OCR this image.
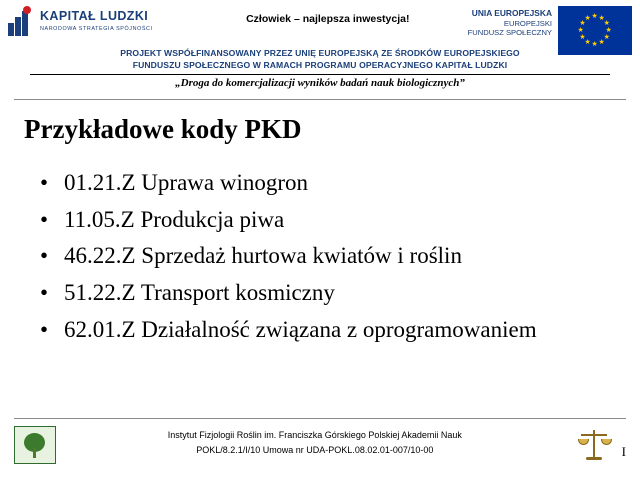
KAPITAŁ LUDZKI
NARODOWA STRATEGIA SPÓJNOŚCI
Człowiek – najlepsza inwestycja!	UNIA EUROPEJSKA
EUROPEJSKI
FUNDUSZ SPOŁECZNY
★ ★
★
★
★
★
★
★
★
★
★
★
PROJEKT WSPÓŁFINANSOWANY PRZEZ UNIĘ EUROPEJSKĄ ZE ŚRODKÓW EUROPEJSKIEGO
FUNDUSZU SPOŁECZNEGO W RAMACH PROGRAMU OPERACYJNEGO KAPITAŁ LUDZKI
„Droga do komercjalizacji wyników badań nauk biologicznych”
Przykładowe kody PKD
• 01.21.Z Uprawa winogron
• 11.05.Z Produkcja piwa
• 46.22.Z Sprzedaż hurtowa kwiatów i roślin
• 51.22.Z Transport kosmiczny
• 62.01.Z Działalność związana z oprogramowaniem
Instytut Fizjologii Roślin im. Franciszka Górskiego Polskiej Akademii Nauk
POKL/8.2.1/I/10 Umowa nr UDA-POKL.08.02.01-007/10-00	I
